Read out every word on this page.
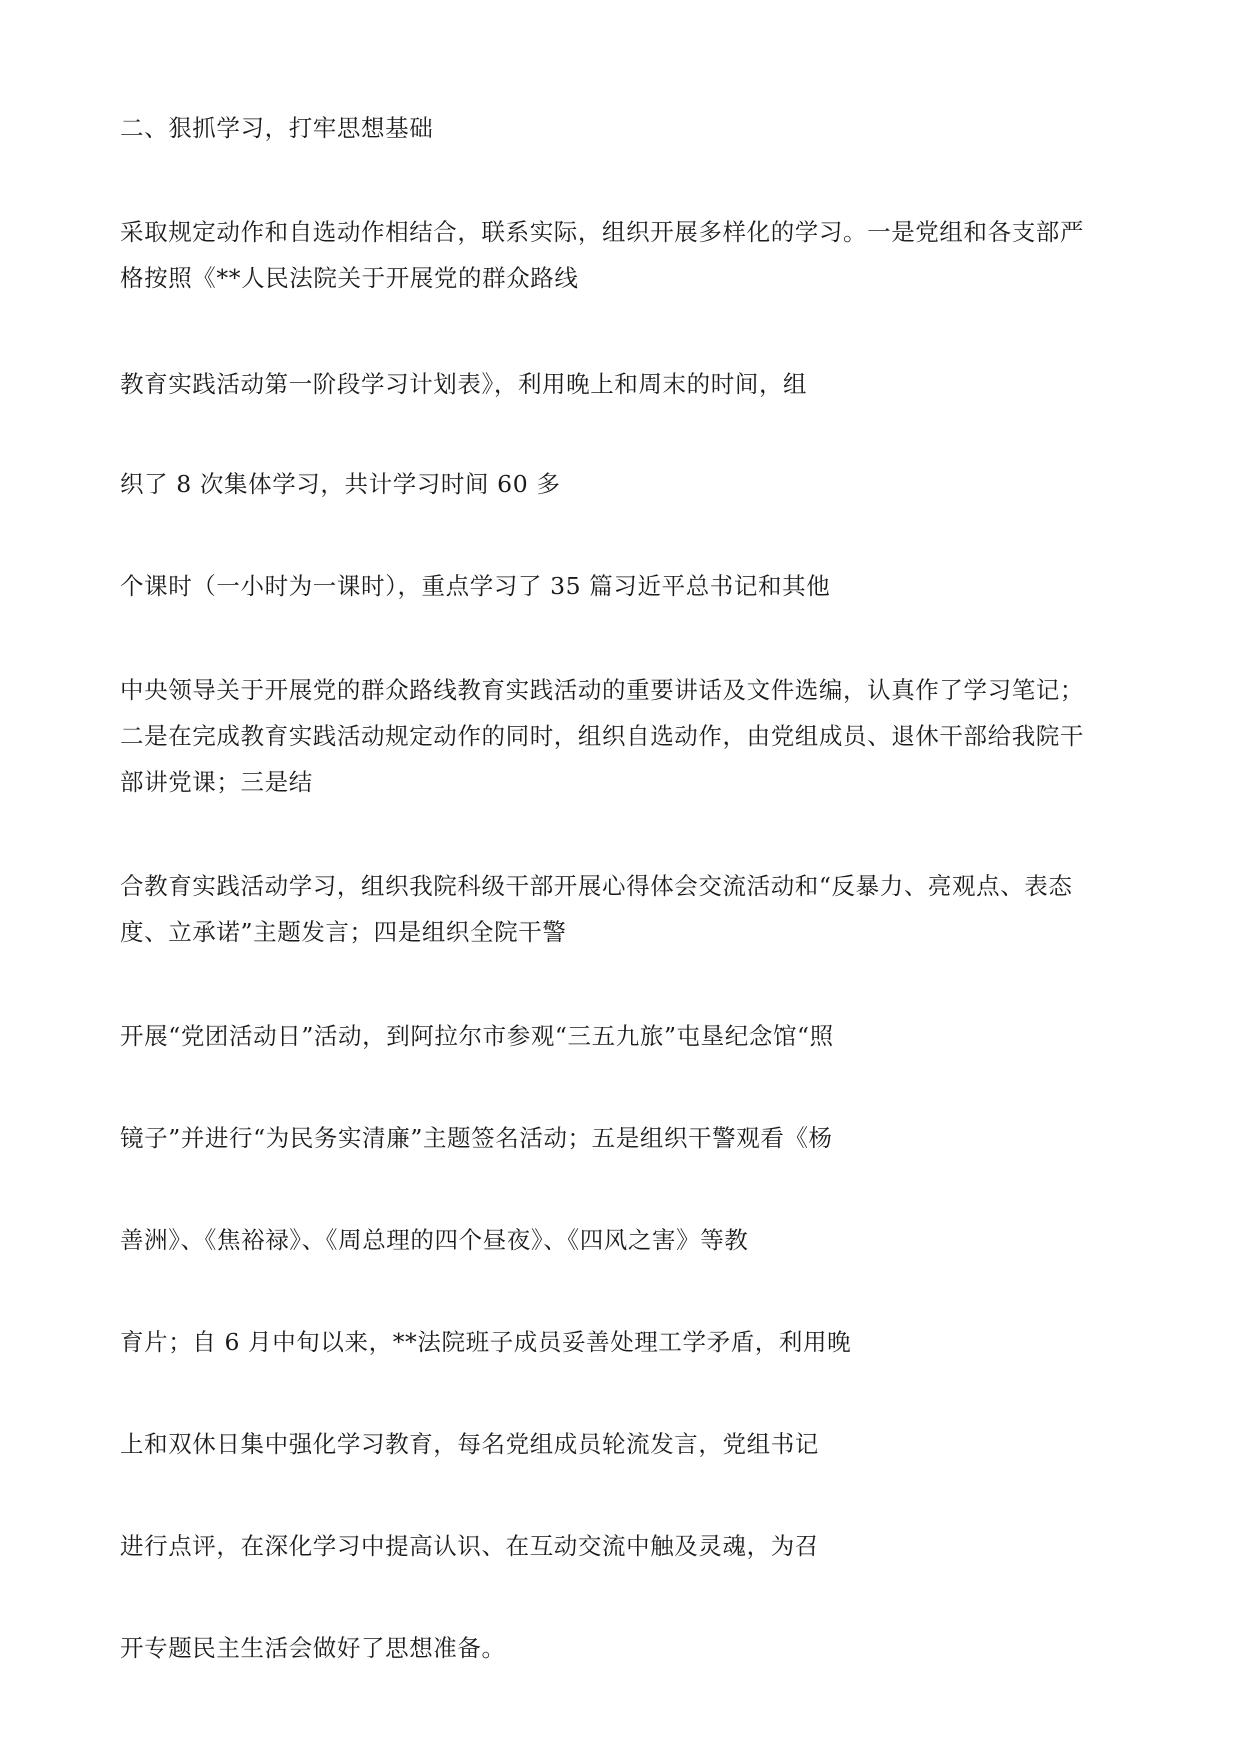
二、狠抓学习，打牢思想基础
采取规定动作和自选动作相结合，联系实际，组织开展多样化的学习。一是党组和各支部严
格按照《**人民法院关于开展党的群众路线
教育实践活动第一阶段学习计划表》，利用晚上和周末的时间，组
织了 8 次集体学习，共计学习时间 60 多
个课时（一小时为一课时），重点学习了 35 篇习近平总书记和其他
中央领导关于开展党的群众路线教育实践活动的重要讲话及文件选编，认真作了学习笔记；
二是在完成教育实践活动规定动作的同时，组织自选动作，由党组成员、退休干部给我院干
部讲党课；三是结
合教育实践活动学习，组织我院科级干部开展心得体会交流活动和“反暴力、亮观点、表态
度、立承诺”主题发言；四是组织全院干警
开展“党团活动日”活动，到阿拉尔市参观“三五九旅”屯垦纪念馆“照
镜子”并进行“为民务实清廉”主题签名活动；五是组织干警观看《杨
善洲》、《焦裕禄》、《周总理的四个昼夜》、《四风之害》等教
育片；自 6 月中旬以来，**法院班子成员妥善处理工学矛盾，利用晚
上和双休日集中强化学习教育，每名党组成员轮流发言，党组书记
进行点评，在深化学习中提高认识、在互动交流中触及灵魂，为召
开专题民主生活会做好了思想准备。
